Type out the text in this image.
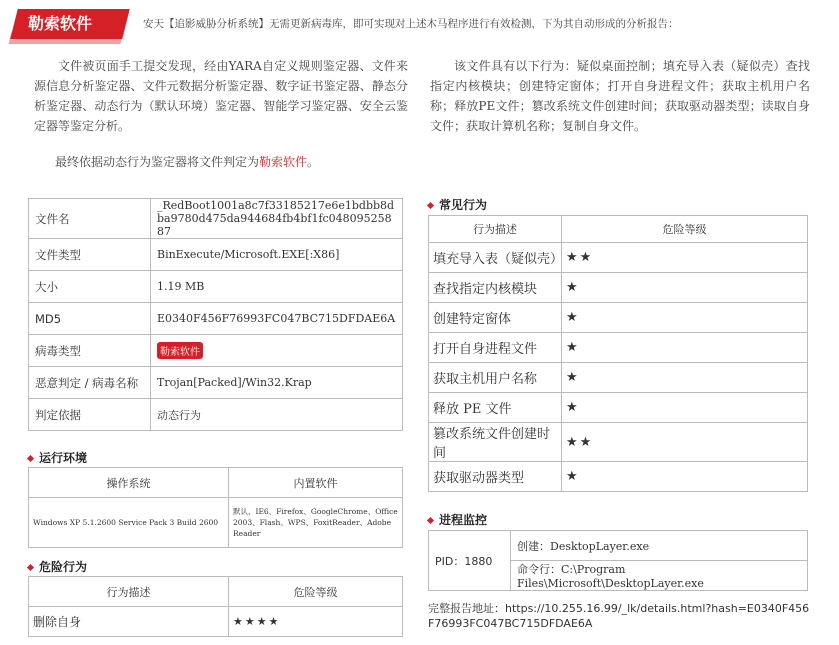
勒索软件	安天【追影威胁分析系统】无需更新病毒库，即可实现对上述木马程序进行有效检测，下为其自动形成的分析报告：
文件被页面手工提交发现，经由YARA自定义规则鉴定器、文件来源信息分析鉴定器、文件元数据分析鉴定器、数字证书鉴定器、静态分析鉴定器、动态行为（默认环境）鉴定器、智能学习鉴定器、安全云鉴定器等鉴定分析。
最终依据动态行为鉴定器将文件判定为勒索软件。
该文件具有以下行为：疑似桌面控制；填充导入表（疑似壳）查找指定内核模块；创建特定窗体；打开自身进程文件；获取主机用户名称；释放PE文件；篡改系统文件创建时间；获取驱动器类型；读取自身文件；获取计算机名称；复制自身文件。
文件名	_RedBoot1001a8c7f33185217e6e1bdbb8dba9780d475da944684fb4bf1fc04809525887
文件类型	BinExecute/Microsoft.EXE[:X86]
大小	1.19 MB
MD5	E0340F456F76993FC047BC715DFDAE6A
病毒类型	勒索软件
恶意判定 / 病毒名称	Trojan[Packed]/Win32.Krap
判定依据	动态行为
运行环境
操作系统	内置软件
Windows XP 5.1.2600 Service Pack 3 Build 2600	默认、IE6、Firefox、GoogleChrome、Office 2003、Flash、WPS、FoxitReader、Adobe Reader
危险行为
行为描述	危险等级
删除自身	★★★★
常见行为
行为描述	危险等级
填充导入表（疑似壳）	★★
查找指定内核模块	★
创建特定窗体	★
打开自身进程文件	★
获取主机用户名称	★
释放 PE 文件	★
篡改系统文件创建时间	★★
获取驱动器类型	★
进程监控
PID：1880	创建：DesktopLayer.exe
命令行：C:\Program Files\Microsoft\DesktopLayer.exe
完整报告地址：https://10.255.16.99/_lk/details.html?hash=E0340F456F76993FC047BC715DFDAE6A
